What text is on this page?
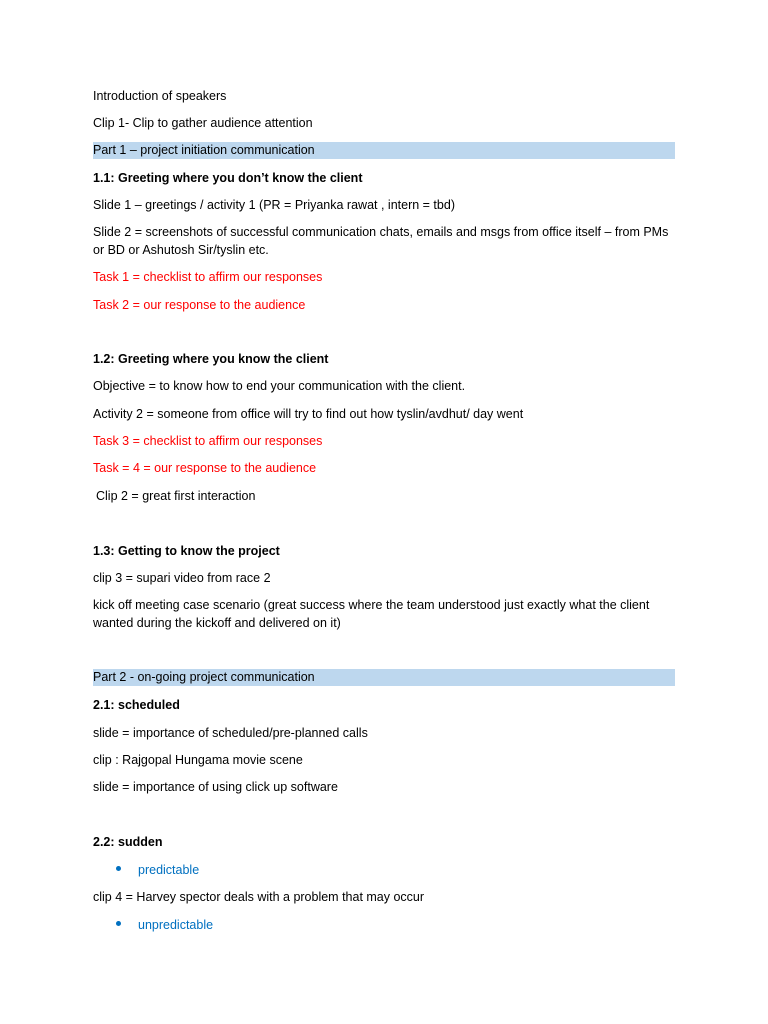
Introduction of speakers
Clip 1- Clip to gather audience attention
Part 1 – project initiation communication
1.1: Greeting where you don’t know the client
Slide 1 – greetings / activity 1 (PR = Priyanka rawat , intern = tbd)
Slide 2 = screenshots of successful communication chats, emails and msgs from office itself – from PMs or BD or Ashutosh Sir/tyslin etc.
Task 1 = checklist to affirm our responses
Task 2 = our response to the audience
1.2: Greeting where you know the client
Objective = to know how to end your communication with the client.
Activity 2 = someone from office will try to find out how tyslin/avdhut/ day went
Task 3 = checklist to affirm our responses
Task = 4 = our response to the audience
Clip 2 = great first interaction
1.3: Getting to know the project
clip 3 = supari video from race 2
kick off meeting case scenario (great success where the team understood just exactly what the client wanted during the kickoff and delivered on it)
Part 2 - on-going project communication
2.1: scheduled
slide = importance of scheduled/pre-planned calls
clip : Rajgopal Hungama movie scene
slide = importance of using click up software
2.2: sudden
predictable
clip 4 = Harvey spector deals with a problem that may occur
unpredictable
